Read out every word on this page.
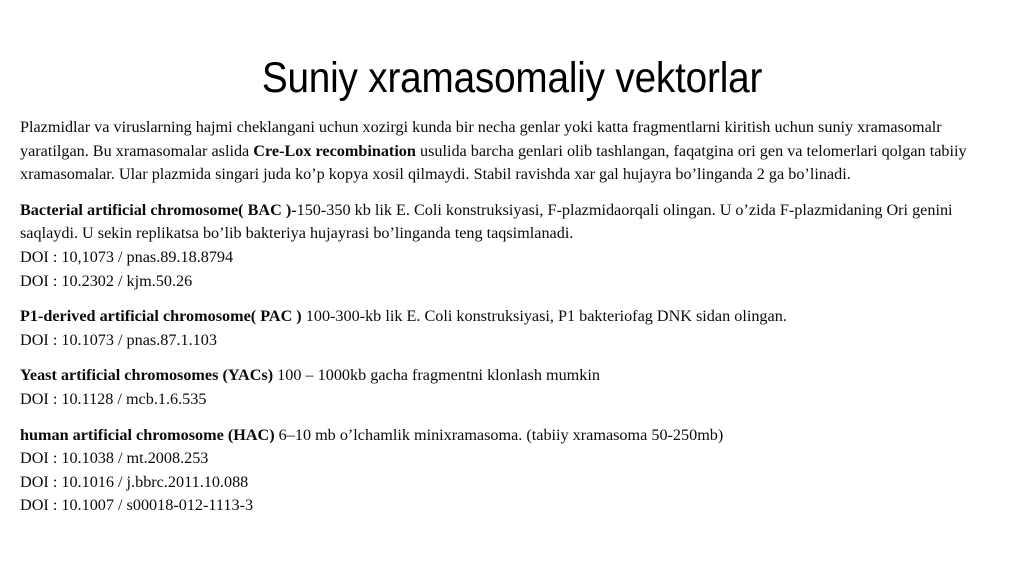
Suniy xramasomaliy vektorlar

Plazmidlar va viruslarning hajmi cheklangani uchun xozirgi kunda bir necha genlar yoki katta fragmentlarni kiritish uchun suniy xramasomalr yaratilgan. Bu xramasomalar aslida Cre-Lox recombination usulida barcha genlari olib tashlangan, faqatgina ori gen va telomerlari qolgan tabiiy xramasomalar. Ular plazmida singari juda ko’p kopya xosil qilmaydi. Stabil ravishda xar gal hujayra bo’linganda 2 ga bo’linadi.

Bacterial artificial chromosome( BAC )-150-350 kb lik E. Coli konstruksiyasi, F-plazmidaorqali olingan. U o’zida F-plazmidaning Ori genini saqlaydi. U sekin replikatsa bo’lib bakteriya hujayrasi bo’linganda teng taqsimlanadi.

DOI : 10,1073 / pnas.89.18.8794

DOI : 10.2302 / kjm.50.26

P1-derived artificial chromosome( PAC ) 100-300-kb lik E. Coli konstruksiyasi, P1 bakteriofag DNK sidan olingan.

DOI : 10.1073 / pnas.87.1.103

Yeast artificial chromosomes (YACs) 100 – 1000kb gacha fragmentni klonlash mumkin

DOI : 10.1128 / mcb.1.6.535

human artificial chromosome (HAC) 6–10 mb o’lchamlik minixramasoma. (tabiiy xramasoma 50-250mb)

DOI : 10.1038 / mt.2008.253

DOI : 10.1016 / j.bbrc.2011.10.088

DOI : 10.1007 / s00018-012-1113-3
